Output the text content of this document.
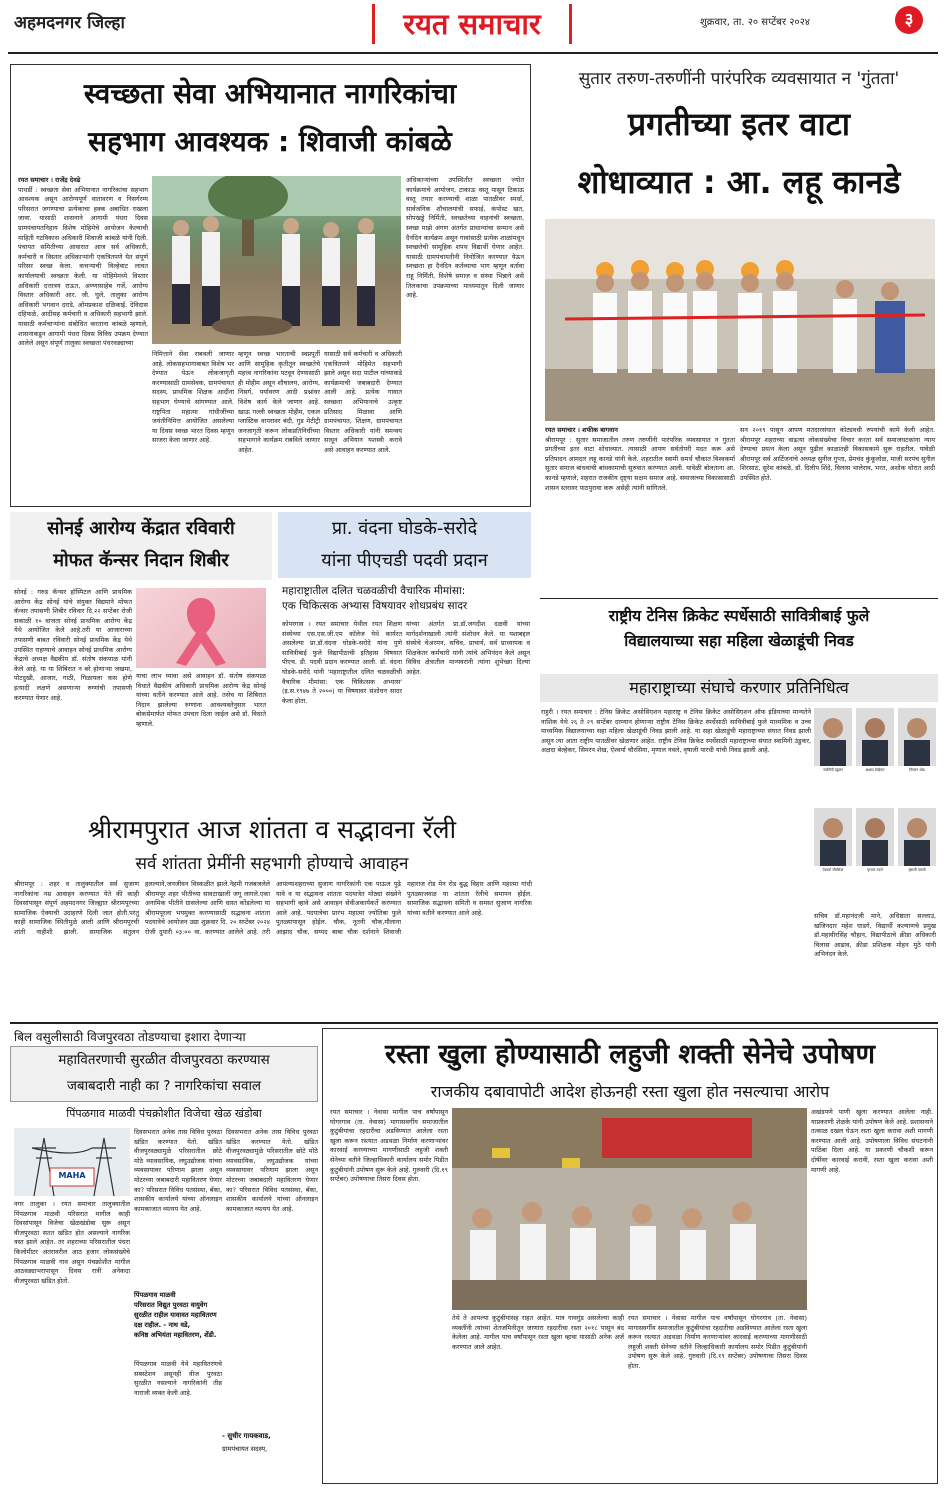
अहमदनगर जिल्हा	रयत समाचार	शुक्रवार, ता. २० सप्टेंबर २०२४	३
स्वच्छता सेवा अभियानात नागरिकांचा
सहभाग आवश्यक : शिवाजी कांबळे
रयत समाचार । राजेंद्र देवढे
पाथर्डी : स्वच्छता सेवा अभियानात नागरिकांचा सहभाग आवश्यक असून आरोग्यपूर्ण वातावरण व निसर्गरम्य परिसरात जगण्याचा प्रत्येकाचा हक्क अबाधित राखला जावा. यासाठी शासनाने आगामी पंधरा दिवस ग्रामपंचायतनिहाय विशेष मोहिमेचे आयोजन केल्याची माहिती गटविकास अधिकारी शिवाजी कांबळे यांनी दिली. पंचायत समितीच्या आवारात आज सर्व अधिकारी, कर्मचारी व विस्तार अधिकाऱ्यांनी एकत्रितपणे येत संपूर्ण परिसर स्वच्छ केला. कचऱ्याची विल्हेवाट लावत कार्यालयाची स्वच्छता केली. या मोहिमेमध्ये विस्तार अधिकारी दत्तात्रय राऊत, अण्णासाहेब गर्जे, आरोग्य विस्तार अधिकारी आर. जी. घुले, तालुका आरोग्य अधिकारी भगवान दराडे, ओमप्रकाश दळिकाई, देविदास दहिफळे, आदींसह कर्मचारी व अधिकारी सहभागी झाले. यासाठी कर्मचाऱ्यांना संबोधित करताना कांबळे म्हणाले, शासनाकडून आगामी पंधरा दिवस विविध उपक्रम देण्यात आलेले असून संपूर्ण तालुका स्वच्छता पंधरवड्याच्या
अधिकाऱ्यांच्या उपस्थितीत स्वच्छता ज्योत कार्यक्रमाचे आयोजन, टाकाऊ वस्तू पासून टिकाऊ वस्तू तयार करण्याची शाळा पातळीवर स्पर्धा, सार्वजनिक शौचालयांची सफाई, कंपोस्ट खत, सोपखड्डे निर्मिती, स्वच्छतेच्या वाहनांची स्वच्छता, स्वच्छ माझे अंगण अंतर्गत प्राधान्यांचा सन्मान असे दैनंदिन कार्यक्रम असून गावांसाठी प्रत्येक शाळांमधून स्वच्छतेची सामूहिक शपथ विद्यार्थी घेणार आहेत. यासाठी ग्रामपंचायतीनी नियोजित करण्यात येऊन स्वच्छता हा दैनंदिन कर्तव्याचा भाग म्हणून वर्तावा राहू निर्मिती, विशेषे समाज व संस्था भिन्नाने असे तिलकाचा उपक्रमाच्या माध्यमातून दिली जाणार आहे.
निमित्ताने सेवा राबवली जाणार आहे. लोकसहभागाबाबत विशेष भर देण्यात येऊन लोकजागृती करण्यासाठी ग्रामसेवक, ग्रामपंचायत सदस्य, प्राथमिक शिक्षक आदींना सहभाग घेण्याचे सांगण्यात आले. राष्ट्रपिता महात्मा गांधीजींच्या जयंतीनिमित्त आयोजित असलेल्या या दिवस स्वच्छ भारत दिवस म्हणून साजरा केला जाणार आहे.
म्हणून स्वच्छ भारताची स्वप्नपूर्ती आणि सामूहिक कृतीतून स्वच्छतेचे महत्त्व नागरिकांना पटवून देण्यासाठी ही मोहीम असून शौचालय, आरोग्य, निसर्ग, पर्यावरण आदी प्रश्नांवर विशेष कार्य केले जाणार आहे. खाऊ गल्ली स्वच्छता मोहीम, एकल प्लास्टिक वापरावर बंदी, गुड मेटीट्री जनजागृती करून लोकप्रतिनिधींच्या सहभागाने कार्यक्रम राबविले जाणार आहेत.
यासाठी सर्व कर्मचारी व अधिकारी एकत्रितपणे मोहिमेत सहभागी झाले असून सदा पाटील यांच्याकडे कार्यक्रमाची जबाबदारी देण्यात आली आहे. प्रत्येक गावात स्वच्छता अभियानाचे उत्कृष्ट प्रतिसाद मिळावा आणि ग्रामपंचायत, शिक्षण, ग्रामपंचायत विस्तार अधिकारी यांनी समन्वय साधून अभियान यशस्वी करावे असे आवाहन करण्यात आले.
सुतार तरुण-तरुणींनी पारंपरिक व्यवसायात न 'गुंतता'
प्रगतीच्या इतर वाटा
शोधाव्यात : आ. लहू कानडे
रयत समाचार । शफीक बागवान
श्रीरामपूर : सुतार समाजातील तरुण तरुणींनी पारंपरिक व्यवसायात न गुंतता प्रगतीच्या इतर वाटा शोधाव्यात. त्यासाठी आपण सर्वतोपरी मदत करू असे प्रतिपादन आमदार लहू कानडे यांनी केले. शहरातील स्वामी समर्थ चौकात विश्वकर्मा सुतार समाज बांधवांची बांधकामाची सुरुवात करण्यात आली. यावेळी बोलताना आ. कानडे म्हणाले, शहरात राजकीय दृष्ट्या सक्षम समाज आहे. समाजाच्या विकासासाठी शासन स्तरावर पाठपुरावा करू असेही त्यांनी सांगितले.
सन २०१९ पासून आपण मतदारसंघात कोट्यवधी रुपयांची कामे केली आहेत. श्रीरामपूर शहराच्या वाढत्या लोकसंख्येचा विचार करता सर्व समाजघटकांना न्याय देण्याचा प्रयत्न केला असून पुढील काळातही विकासकामे सुरू राहतील. यावेळी श्रीरामपूर सर्व आर्टिजनांचे अध्यक्ष सुनील गुप्ता, प्रेमचंद कुंकूलोळ, माजी सरपंच सुनील शिरसाठ, सुरेश कांबळे, डॉ. दिलीप शिंदे, विलास भालेराव, भरत, अशोक थोरात आदी उपस्थित होते.
सोनई आरोग्य केंद्रात रविवारी
मोफत कॅन्सर निदान शिबीर
सोनई : गरुड कॅन्सर हॉस्पिटल आणि प्राथमिक आरोग्य केंद्र सोनई यांचे संयुक्त विद्यमाने मोफत कॅन्सर तपासणी शिबीर रविवार दि.२२ सप्टेंबर रोजी सकाळी १० वाजता सोनई प्राथमिक आरोग्य केंद्र येथे आयोजित केले आहे.तरी या आजाराच्या तपासणी बाबत रविवारी सोनई प्राथमिक केंद्र येथे उपस्थित राहण्याचे आवाहन सोनई प्राथमिक आरोग्य केंद्राचे अध्यक्ष वैद्यकीय डॉ. संतोष संकपाळ यांनी केले आहे. या या शिबिरात न बरे होणाऱ्या जखमा, पोटदुखी, आजार, गाठी, गिळायला त्रास होणे इत्यादी लक्षणे असणाऱ्या रुग्णांची तपासणी करण्यात येणार आहे.
याचा लाभ घ्यावा असे आवाहन डॉ. संतोष संकपाळ विधाते वैद्यकीय अधिकारी प्राथमिक आरोग्य केंद्र सोनई यांच्या वतीने करण्यात आले आहे. तसेच या शिबिरात निदान झालेल्या रुग्णांना आवश्यक्तेनुसार भारत बोकसेमार्फत मोफत उपचार दिला जाईल असे डॉ. विधाते म्हणाले.
प्रा. वंदना घोडके-सरोदे
यांना पीएचडी पदवी प्रदान
महाराष्ट्रातील दलित चळवळीची वैचारिक मीमांसा:
एक चिकित्सक अभ्यास विषयावर शोधप्रबंध सादर
कोपरगाव । रयत समाचार येथील रयत शिक्षण संस्थेच्या एस.एस.जी.एम कॉलेज येथे कार्यरत असलेल्या प्रा.डॉ.वंदना घोडके-सरोदे यांना पुणे सावित्रीबाई फुले विद्यापीठाची इतिहास विषयात पीएच. डी. पदवी प्रदान करण्यात आली. डॉ. वंदना घोडके-सरोदे यांनी 'महाराष्ट्रातील दलित चळवळीची वैचारिक मीमांसा: एक चिकित्सक अभ्यास' (इ.स.१९४७ ते २०००) या विषयावर संशोधन सादर केला होता.
यांच्या अंतर्गत प्रा.डॉ.जगदीश दळवी यांच्या मार्गदर्शनाखाली त्यांनी संशोधन केले. या यशाबद्दल संस्थेचे चेअरमन, सचिव, प्राचार्य, सर्व प्राध्यापक व शिक्षकेतर कर्मचारी यांनी त्यांचे अभिनंदन केले असून विविध क्षेत्रातील मान्यवरांनी त्यांना शुभेच्छा दिल्या आहेत.
राष्ट्रीय टेनिस क्रिकेट स्पर्धेसाठी सावित्रीबाई फुले
विद्यालयाच्या सहा महिला खेळाडूंची निवड
महाराष्ट्राच्या संघाचे करणार प्रतिनिधित्व
राहुरी । रयत समाचार : टेनिस क्रिकेट असोसिएशन महाराष्ट्र व टेनिस क्रिकेट असोसिएशन ऑफ इंडियाच्या मान्यतेने नाशिक येथे २६ ते २९ सप्टेंबर दरम्यान होणाऱ्या राष्ट्रीय टेनिस क्रिकेट स्पर्धेसाठी सावित्रीबाई फुले माध्यमिक व उच्च माध्यमिक विद्यालयाच्या सहा महिला खेळाडूंची निवड झाली आहे. या सहा खेळाडूंची महाराष्ट्राच्या संघात निवड झाली असून त्या आता राष्ट्रीय पातळीवर खेळणार आहेत. राष्ट्रीय टेनिस क्रिकेट स्पर्धेसाठी महाराष्ट्राच्या संघात स्वामिनी उंडुकर, अक्षदा बेल्हेकर, सिमरन शेख, ऐश्वर्या चौरसिया, मृणाल नवले, वृषाली पारधी यांची निवड झाली आहे.
स्वामिनी उंडुकर	अक्षदा बेल्हेकर	सिमरन शेख
ऐश्वर्या चौरसिया	मृणाल नवले	वृषाली पारधी
सचिव डॉ.महानंदजी माने, अधिष्ठाता सल्लाउ, खजिनदार महेश घाडगे, विद्यार्थी कल्याणचे प्रमुख डॉ.महावीरसिंह चौहान, विद्यापीठाचे क्रीडा अधिकारी विलास आढाव, क्रीडा प्रशिक्षक मोहन मुठे यांनी अभिनंदन केले.
श्रीरामपुरात आज शांतता व सद्भावना रॅली
सर्व शांतता प्रेमींनी सहभागी होण्याचे आवाहन
श्रीरामपूर : शहर व तालुक्यातील सर्व सुजाण नागरिकांना नम्र आवाहन करण्यात येते की काही दिवसांपासून संपूर्ण अहमदनगर जिल्ह्यात श्रीरामपूरच्या सामाजिक ऐक्याची उदाहरणे दिली जात होती.परंतु काही सामाजिक स्थितीमुळे आली आणि श्रीरामपूरची शांती नाहीशी झाली. सामाजिक संतुलन हलल्याने,जनजीवन विस्कळीत झाले.नेहमी गजबजलेले श्रीरामपूर शहर भीतीच्या सावटाखाली जगू लागले.एका अनामिक भीतीने ग्रासलेल्या आणि धास्त कोंडलेल्या या श्रीरामपूरला भयमुक्त करण्यासाठी सद्भावना शांतता पदयात्रेचे आयोजन उद्या शुक्रवार दि. २० सप्टेंबर २०२४ रोजी दुपारी ०३:०० वा. करण्यात आलेले आहे. तरी आपल्याशहराच्या सुजाण नागरिकांनी एक पाऊल पुढे यावे व या सद्भावना शांतता पदयात्रेत मोठ्या संख्येने सहभागी व्हावे असे आवाहन सेवीअकार्यकर्ते करण्यात आले आहे. पदयात्रेचा प्रारंभ महात्मा ज्योतिबा फुले पुतळ्यापासून होईल. चौक, नूतनी चौक,मौलाना आझाद चौक, सय्यद बाबा चौक दर्शनाने शिवाजी महाराज रोड मेन रोड बुद्ध विहार आणि महात्मा गांधी पुतळ्याजवळ या शांतता रॅलीचे समापन होईल. सामाजिक सद्भावना समिती व समस्त सुजाण नागरिक यांच्या वतीने करण्यात आले आहे.
बिल वसुलीसाठी विजपुरवठा तोडण्याचा इशारा देणाऱ्या
महावितरणाची सुरळीत वीजपुरवठा करण्यास
जबाबदारी नाही का ? नागरिकांचा सवाल
पिंपळगाव माळवी पंचक्रोशीत विजेचा खेळ खंडोबा
MAHA
नगर तालुका । रयत समाचार तालुक्यातील पिंपळगाव माळवी परिसरात मागील काही दिवसांपासून विजेचा खेळखंडोबा सुरू असून वीजपुरवठा सतत खंडित होत असल्याने नागरिक त्रस्त झाले आहेत. तर शहराच्या परिसरातील पंधरा किलोमीटर अंतरावरील आठ हजार लोकसंख्येचे पिंपळगाव माळवी गाव असून पंचक्रोशीत मागील आठवड्याभरापासून दिवस रात्री अनेकदा वीजपुरवठा खंडित होतो.
दिवसभरात अनेक तास विविध पुरवठा खंडित करण्यात येतो. खंडित वीजपुरवठ्यामुळे परिसरातील छोटे मोठे व्यावसायिक, लघुउद्योजक यांच्या व्यवसायावर परिणाम झाला असून मोटरच्या जबाबदारी महावितरण घेणार का? परिसरात विविध पतसंस्था, बँका, शासकीय कार्यालये यांच्या ऑनलाइन कामकाजात व्यत्यय येत आहे.
पिंपळगाव माळवी
परिसरात विद्युत पुरवठा वायुवेग
सुरळीत राहील यावावत महावितरण
दक्ष राहील. - नाथ वडे,
कनिष्ठ अभियंता महावितरण, शेंडी.
पिंपळगाव माळवी येथे महावितरणचे सबस्टेशन असूनही वीज पुरवठा सुरळीत नसल्याने नागरिकांनी तीव्र नाराजी व्यक्त केली आहे.
- सुधीर गायकवाड,
ग्रामपंचायत सदस्य,
दिवसभरात अनेक तास विविध पुरवठा खंडित करण्यात येतो. खंडित वीजपुरवठ्यामुळे परिसरातील छोटे मोठे व्यावसायिक, लघुउद्योजक यांच्या व्यवसायावर परिणाम झाला असून मोटरच्या जबाबदारी महावितरण घेणार का? परिसरात विविध पतसंस्था, बँका, शासकीय कार्यालये यांच्या ऑनलाइन कामकाजात व्यत्यय येत आहे.
रस्ता खुला होण्यासाठी लहुजी शक्ती सेनेचे उपोषण
राजकीय दबावापोटी आदेश होऊनही रस्ता खुला होत नसल्याचा आरोप
रयत समाचार । नेवासा मागील पाच वर्षांपासून घोगरगाव (ता. नेवासा) मागासवर्गीय समाजातील कुटुंबीयांचा रहदारीचा अडविण्यात आलेला रस्ता खुला करून रस्त्यात अडथळा निर्माण करणाऱ्यांवर कारवाई करण्याच्या मागणीसाठी लहुजी शक्ती सेनेच्या वतीने जिल्हाधिकारी कार्यालय समोर पिडीत कुटुंबीयांनी उपोषण सुरू केले आहे. गुरुवारी (दि.१९ सप्टेंबर) उपोषणाचा तिसरा दिवस होता.
तेथे ते आपल्या कुटुंबीयांसह राहत आहेत. मात्र गावगुंड असलेल्या काही व्यक्तींनी त्यांच्या शेतजमिनीतून जाणारा रहदारीचा रस्ता २०१८ पासून बंद केलेला आहे. मागील पाच वर्षांपासून रस्ता खुला व्हावा यासाठी अनेक अर्ज करण्यात आले आहेत.
रयत समाचार । नेवासा मागील पाच वर्षांपासून घोगरगाव (ता. नेवासा) मागासवर्गीय समाजातील कुटुंबीयांचा रहदारीचा अडविण्यात आलेला रस्ता खुला करून रस्त्यात अडथळा निर्माण करणाऱ्यांवर कारवाई करण्याच्या मागणीसाठी लहुजी शक्ती सेनेच्या वतीने जिल्हाधिकारी कार्यालय समोर पिडीत कुटुंबीयांनी उपोषण सुरू केले आहे. गुरुवारी (दि.१९ सप्टेंबर) उपोषणाचा तिसरा दिवस होता.
अखंडपणे पाणी खुला करण्यात आलेला नाही. याप्रकरणी शेळके यांनी उपोषण केले आहे. प्रशासनाने तत्काळ दखल घेऊन रस्ता खुला करावा अशी मागणी करण्यात आली आहे. उपोषणाला विविध संघटनांनी पाठिंबा दिला आहे. या प्रकरणी चौकशी करून दोषींवर कारवाई करावी, रस्ता खुला करावा अशी मागणी आहे.
